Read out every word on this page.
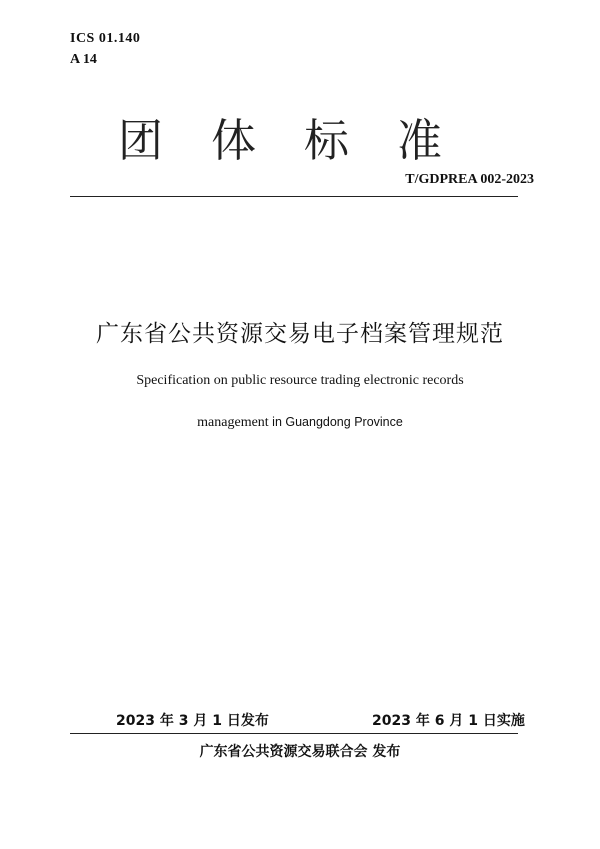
ICS 01.140
A 14
团体标准
T/GDPREA 002-2023
广东省公共资源交易电子档案管理规范
Specification on public resource trading electronic records
management in Guangdong Province
2023 年 3 月 1 日发布	2023 年 6 月 1 日实施
广东省公共资源交易联合会 发布
